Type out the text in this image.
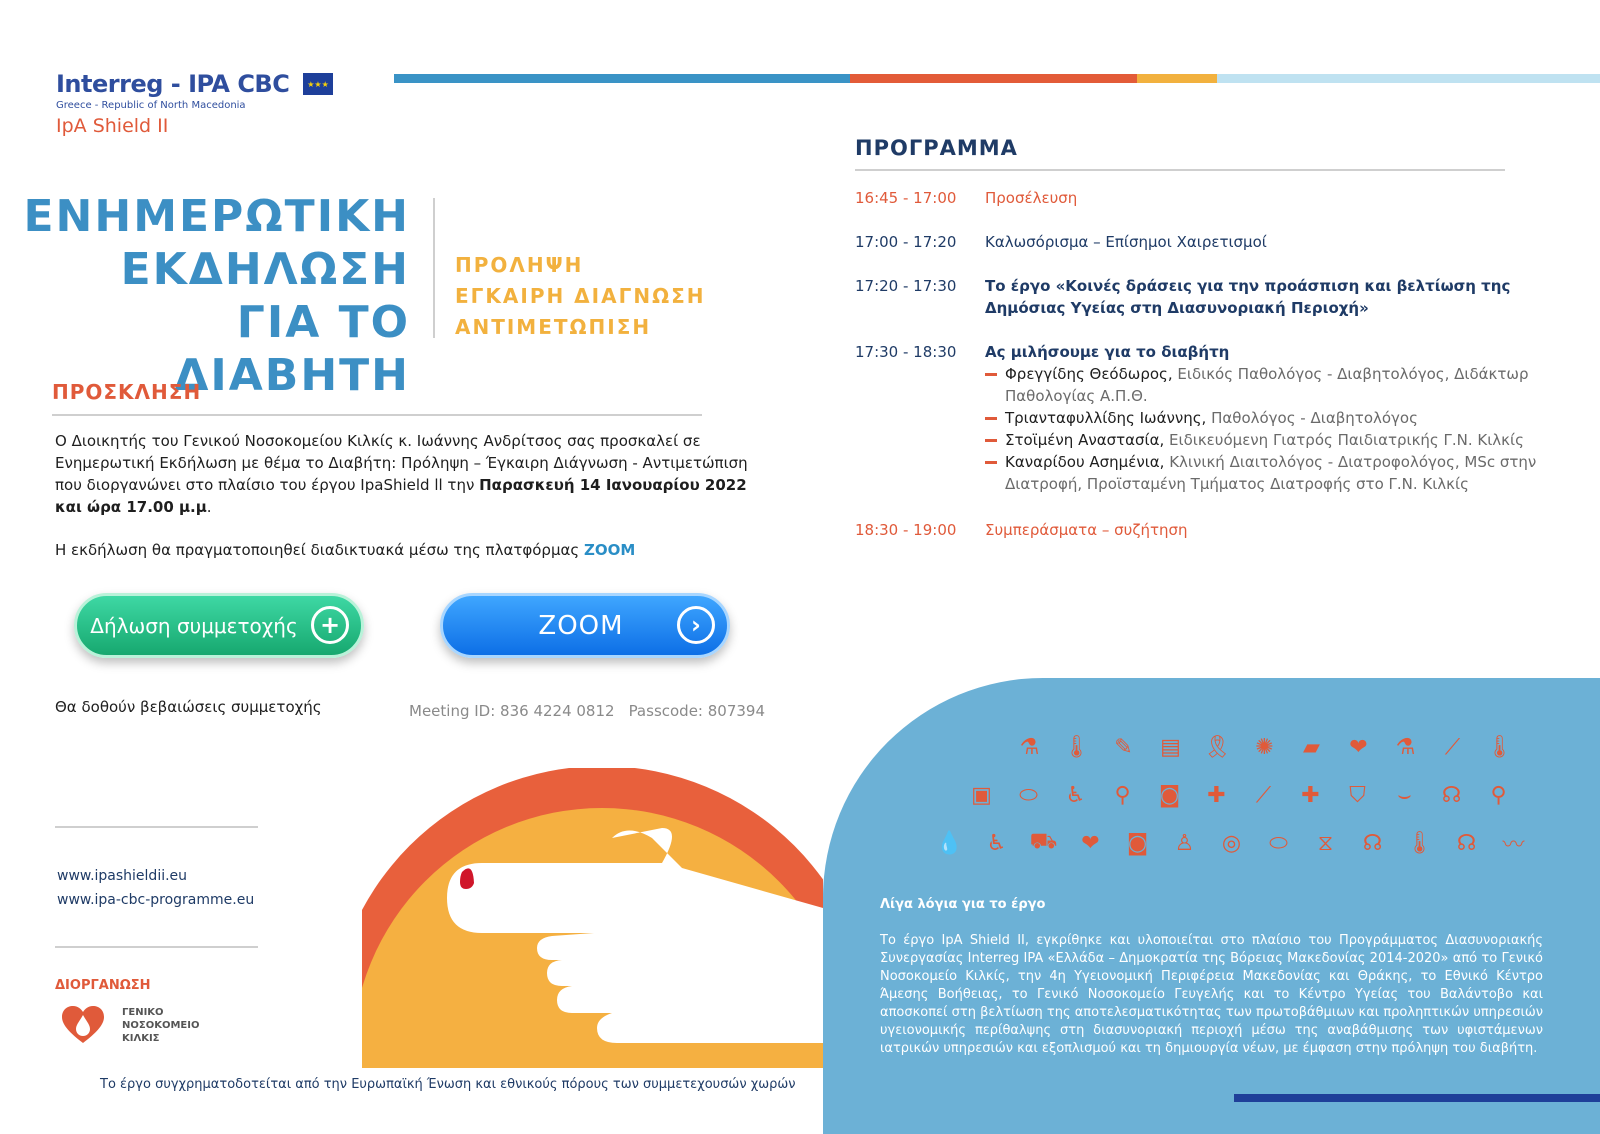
Interreg - IPA CBC	★★★
Greece - Republic of North Macedonia
IpA Shield II
ΕΝΗΜΕΡΩΤΙΚΗ
ΕΚΔΗΛΩΣΗ
ΓΙΑ ΤΟ ΔΙΑΒΗΤΗ
ΠΡΟΛΗΨΗ
ΕΓΚΑΙΡΗ ΔΙΑΓΝΩΣΗ
ΑΝΤΙΜΕΤΩΠΙΣΗ
ΠΡΟΣΚΛΗΣΗ
Ο Διοικητής του Γενικού Νοσοκομείου Κιλκίς κ. Ιωάννης Ανδρίτσος σας προσκαλεί σε Ενημερωτική Εκδήλωση με θέμα το Διαβήτη: Πρόληψη – Έγκαιρη Διάγνωση - Αντιμετώπιση που διοργανώνει στο πλαίσιο του έργου IpaShield ll την Παρασκευή 14 Ιανουαρίου 2022 και ώρα 17.00 μ.μ.
Η εκδήλωση θα πραγματοποιηθεί διαδικτυακά μέσω της πλατφόρμας ZOOM
Δήλωση συμμετοχής +	ZOOM	›
Θα δοθούν βεβαιώσεις συμμετοχής	Meeting ID: 836 4224 0812 Passcode: 807394
www.ipashieldii.eu
www.ipa-cbc-programme.eu
ΔΙΟΡΓΑΝΩΣΗ
ΓΕΝΙΚΟ
ΝΟΣΟΚΟΜΕΙΟ
ΚΙΛΚΙΣ
Το έργο συγχρηματοδοτείται από την Ευρωπαϊκή Ένωση και εθνικούς πόρους των συμμετεχουσών χωρών
ΠΡΟΓΡΑΜΜΑ
16:45 - 17:00	Προσέλευση
17:00 - 17:20	Καλωσόρισμα – Επίσημοι Χαιρετισμοί
17:20 - 17:30	Το έργο «Κοινές δράσεις για την προάσπιση και βελτίωση της Δημόσιας Υγείας στη Διασυνοριακή Περιοχή»
17:30 - 18:30	Ας μιλήσουμε για το διαβήτη
Φρεγγίδης Θεόδωρος, Ειδικός Παθολόγος - Διαβητολόγος, Διδάκτωρ Παθολογίας Α.Π.Θ.
Τριανταφυλλίδης Ιωάννης, Παθολόγος - Διαβητολόγος
Στοϊμένη Αναστασία, Ειδικευόμενη Γιατρός Παιδιατρικής Γ.Ν. Κιλκίς
Καναρίδου Ασημένια, Κλινική Διαιτολόγος - Διατροφολόγος, MSc στην Διατροφή, Προϊσταμένη Τμήματος Διατροφής στο Γ.Ν. Κιλκίς
18:30 - 19:00	Συμπεράσματα – συζήτηση
⚗	🌡	✎	▤	🎗	✺	▰	❤	⚗	⟋	🌡
▣	⬭	♿	⚲	◙	✚	⟋	✚	⛉	⌣	☊	⚲
💧	♿	⛟	❤	◙	♙	◎	⬭	⧖	☊	🌡	☊	〰
Λίγα λόγια για το έργο
Το έργο IpA Shield II, εγκρίθηκε και υλοποιείται στο πλαίσιο του Προγράμματος Διασυνοριακής Συνεργασίας Interreg IPA «Ελλάδα – Δημοκρατία της Βόρειας Μακεδονίας 2014-2020» από το Γενικό Νοσοκομείο Κιλκίς, την 4η Υγειονομική Περιφέρεια Μακεδονίας και Θράκης, το Εθνικό Κέντρο Άμεσης Βοήθειας, το Γενικό Νοσοκομείο Γευγελής και το Κέντρο Υγείας του Βαλάντοβο και αποσκοπεί στη βελτίωση της αποτελεσματικότητας των πρωτοβάθμιων και προληπτικών υπηρεσιών υγειονομικής περίθαλψης στη διασυνοριακή περιοχή μέσω της αναβάθμισης των υφιστάμενων ιατρικών υπηρεσιών και εξοπλισμού και τη δημιουργία νέων, με έμφαση στην πρόληψη του διαβήτη.
